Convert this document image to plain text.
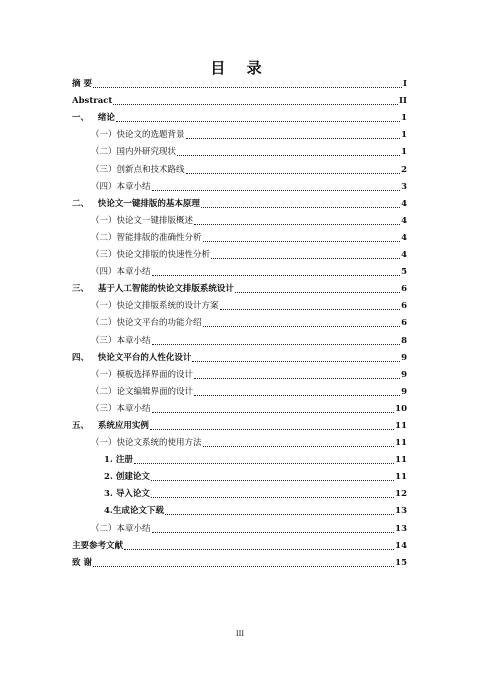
目 录
摘 要	I
Abstract	II
一、 绪论	1
（一）快论文的选题背景	1
（二）国内外研究现状	1
（三）创新点和技术路线	2
（四）本章小结	3
二、 快论文一键排版的基本原理	4
（一）快论文一键排版概述	4
（二）智能排版的准确性分析	4
（三）快论文排版的快速性分析	4
（四）本章小结	5
三、 基于人工智能的快论文排版系统设计	6
（一）快论文排版系统的设计方案	6
（二）快论文平台的功能介绍	6
（三）本章小结	8
四、 快论文平台的人性化设计	9
（一）模板选择界面的设计	9
（二）论文编辑界面的设计	9
（三）本章小结	10
五、 系统应用实例	11
（一）快论文系统的使用方法	11
1. 注册	11
2. 创建论文	11
3. 导入论文	12
4.生成论文下载	13
（二）本章小结	13
主要参考文献	14
致 谢	15
III
